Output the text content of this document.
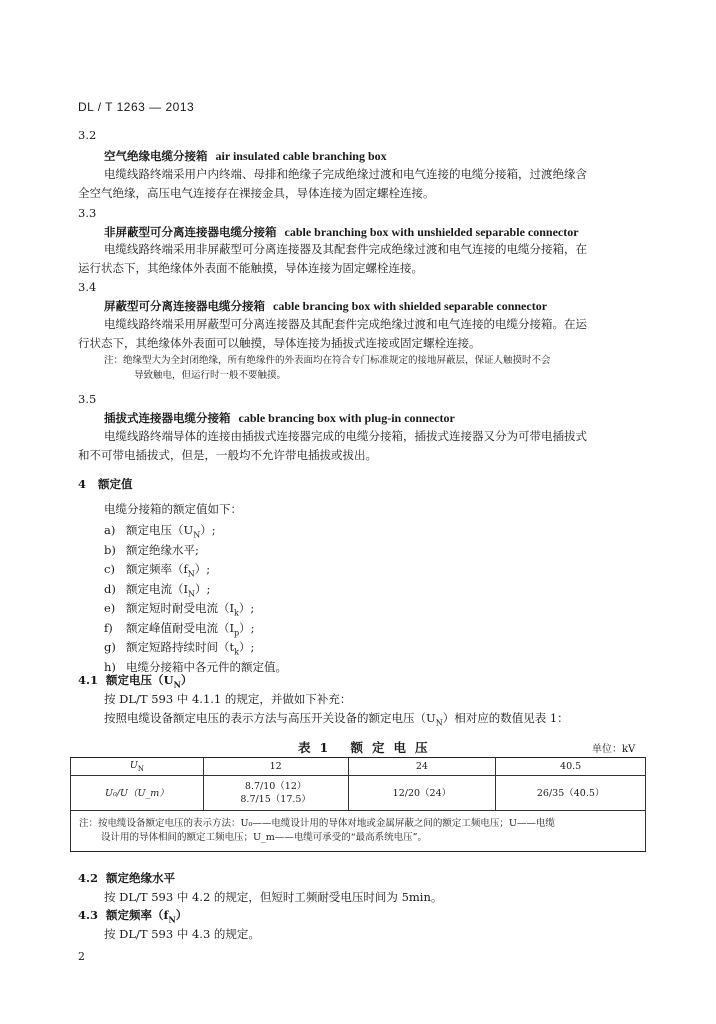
DL / T 1263 — 2013
3.2
空气绝缘电缆分接箱 air insulated cable branching box
电缆线路终端采用户内终端、母排和绝缘子完成绝缘过渡和电气连接的电缆分接箱，过渡绝缘含
全空气绝缘，高压电气连接存在裸接金具，导体连接为固定螺栓连接。
3.3
非屏蔽型可分离连接器电缆分接箱 cable branching box with unshielded separable connector
电缆线路终端采用非屏蔽型可分离连接器及其配套件完成绝缘过渡和电气连接的电缆分接箱，在
运行状态下，其绝缘体外表面不能触摸，导体连接为固定螺栓连接。
3.4
屏蔽型可分离连接器电缆分接箱 cable brancing box with shielded separable connector
电缆线路终端采用屏蔽型可分离连接器及其配套件完成绝缘过渡和电气连接的电缆分接箱。在运
行状态下，其绝缘体外表面可以触摸，导体连接为插拔式连接或固定螺栓连接。
注：绝缘型大为全封闭绝缘，所有绝缘件的外表面均在符合专门标准规定的接地屏蔽层，保证人触摸时不会
导致触电，但运行时一般不要触摸。
3.5
插拔式连接器电缆分接箱 cable brancing box with plug-in connector
电缆线路终端导体的连接由插拔式连接器完成的电缆分接箱，插拔式连接器又分为可带电插拔式
和不可带电插拔式，但是，一般均不允许带电插拔或拔出。
4 额定值
电缆分接箱的额定值如下：
a) 额定电压$(U_N)$;
b) 额定绝缘水平;
c) 额定频率$(f_N)$;
d) 额定电流$(I_N)$;
e) 额定短时耐受电流$(I_k)$;
f) 额定峰值耐受电流$(I_p)$;
g) 额定短路持续时间$(t_k)$;
h) 电缆分接箱中各元件的额定值。
4.1 额定电压$(U_N)$
按 DL/T 593 中 4.1.1 的规定，并做如下补充：
按照电缆设备额定电压的表示方法与高压开关设备的额定电压$(U_N)$相对应的数值见表 1：
表1 额定电压	单位：kV
$U_N$	12	24	40.5
U₀/U（U_m）	8.7/10（12）
8.7/15（17.5）	12/20（24）	26/35（40.5）

注：按电缆设备额定电压的表示方法：U₀——电缆设计用的导体对地或金属屏蔽之间的额定工频电压；U——电缆
设计用的导体相间的额定工频电压；U_m——电缆可承受的“最高系统电压”。			
4.2 额定绝缘水平
按 DL/T 593 中 4.2 的规定，但短时工频耐受电压时间为 5min。
4.3 额定频率$(f_N)$
按 DL/T 593 中 4.3 的规定。
2
